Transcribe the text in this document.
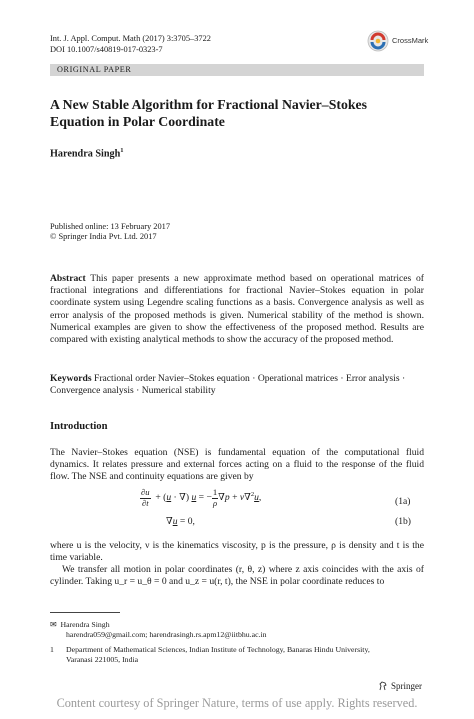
Int. J. Appl. Comput. Math (2017) 3:3705–3722
DOI 10.1007/s40819-017-0323-7
CrossMark
ORIGINAL PAPER
A New Stable Algorithm for Fractional Navier–Stokes
Equation in Polar Coordinate
Harendra Singh$^1$
Published online: 13 February 2017
© Springer India Pvt. Ltd. 2017
Abstract This paper presents a new approximate method based on operational matrices of fractional integrations and differentiations for fractional Navier–Stokes equation in polar coordinate system using Legendre scaling functions as a basis. Convergence analysis as well as error analysis of the proposed methods is given. Numerical stability of the method is shown. Numerical examples are given to show the effectiveness of the proposed method. Results are compared with existing analytical methods to show the accuracy of the proposed method.
Keywords Fractional order Navier–Stokes equation · Operational matrices · Error analysis · Convergence analysis · Numerical stability
Introduction
The Navier–Stokes equation (NSE) is fundamental equation of the computational fluid dynamics. It relates pressure and external forces acting on a fluid to the response of the fluid flow. The NSE and continuity equations are given by
$\frac{\partial u}{\partial t} + (u$ · ∇) u = − $\frac{1}{\rho} \nabla p + \nu\nabla^2u$,	(1a)
∇u = 0,	(1b)
where u is the velocity, ν is the kinematics viscosity, p is the pressure, ρ is density and t is the time variable.
We transfer all motion in polar coordinates (r, θ, z) where z axis coincides with the axis of cylinder. Taking u_r = u_θ = 0 and u_z = u(r, t), the NSE in polar coordinate reduces to
✉ Harendra Singh
harendra059@gmail.com; harendrasingh.rs.apm12@iitbhu.ac.in
1 Department of Mathematical Sciences, Indian Institute of Technology, Banaras Hindu University,
Varanasi 221005, India
Springer
Content courtesy of Springer Nature, terms of use apply. Rights reserved.
